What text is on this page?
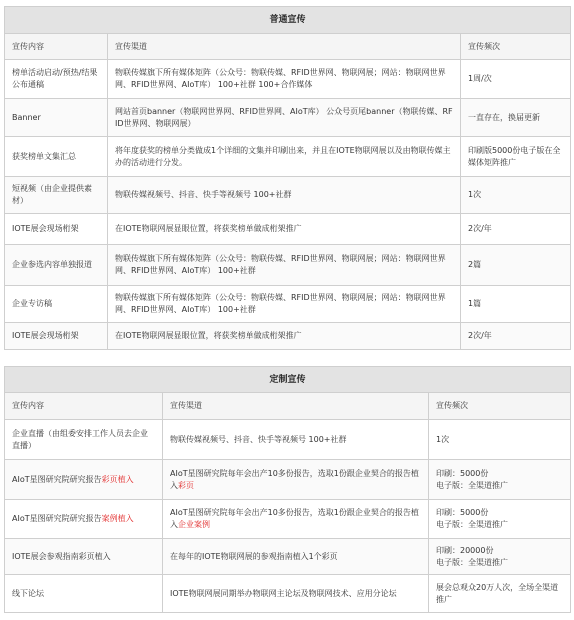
普通宣传		
宣传内容	宣传渠道	宣传频次
榜单活动启动/预热/结果公布通稿	物联传媒旗下所有媒体矩阵（公众号：物联传媒、RFID世界网、物联网展；网站：物联网世界网、RFID世界网、AIoT库） 100+社群 100+合作媒体	1周/次
Banner	网站首页banner（物联网世界网、RFID世界网、AIoT库） 公众号页尾banner（物联传媒、RFID世界网、物联网展）	一直存在，换届更新
获奖榜单文集汇总	将年度获奖的榜单分类做成1个详细的文集并印刷出来，并且在IOTE物联网展以及由物联传媒主办的活动进行分发。	印刷版5000份电子版在全媒体矩阵推广
短视频（由企业提供素材）	物联传媒视频号、抖音、快手等视频号 100+社群	1次
IOTE展会现场桁架	在IOTE物联网展显眼位置，将获奖榜单做成桁架推广	2次/年
企业参选内容单独报道	物联传媒旗下所有媒体矩阵（公众号：物联传媒、RFID世界网、物联网展；网站：物联网世界网、RFID世界网、AIoT库） 100+社群	2篇
企业专访稿	物联传媒旗下所有媒体矩阵（公众号：物联传媒、RFID世界网、物联网展；网站：物联网世界网、RFID世界网、AIoT库） 100+社群	1篇
IOTE展会现场桁架	在IOTE物联网展显眼位置，将获奖榜单做成桁架推广	2次/年
定制宣传		
宣传内容	宣传渠道	宣传频次
企业直播（由组委安排工作人员去企业直播）	物联传媒视频号、抖音、快手等视频号 100+社群	1次
AIoT星图研究院研究报告彩页植入	AIoT星图研究院每年会出产10多份报告，选取1份跟企业契合的报告植入彩页	印刷：5000份
电子版：全渠道推广

AIoT星图研究院研究报告案例植入	AIoT星图研究院每年会出产10多份报告，选取1份跟企业契合的报告植入企业案例	印刷：5000份
电子版：全渠道推广

IOTE展会参观指南彩页植入	在每年的IOTE物联网展的参观指南植入1个彩页	印刷：20000份
电子版：全渠道推广

线下论坛	IOTE物联网展同期举办物联网主论坛及物联网技术、应用分论坛	展会总观众20万人次，全场全渠道推广
